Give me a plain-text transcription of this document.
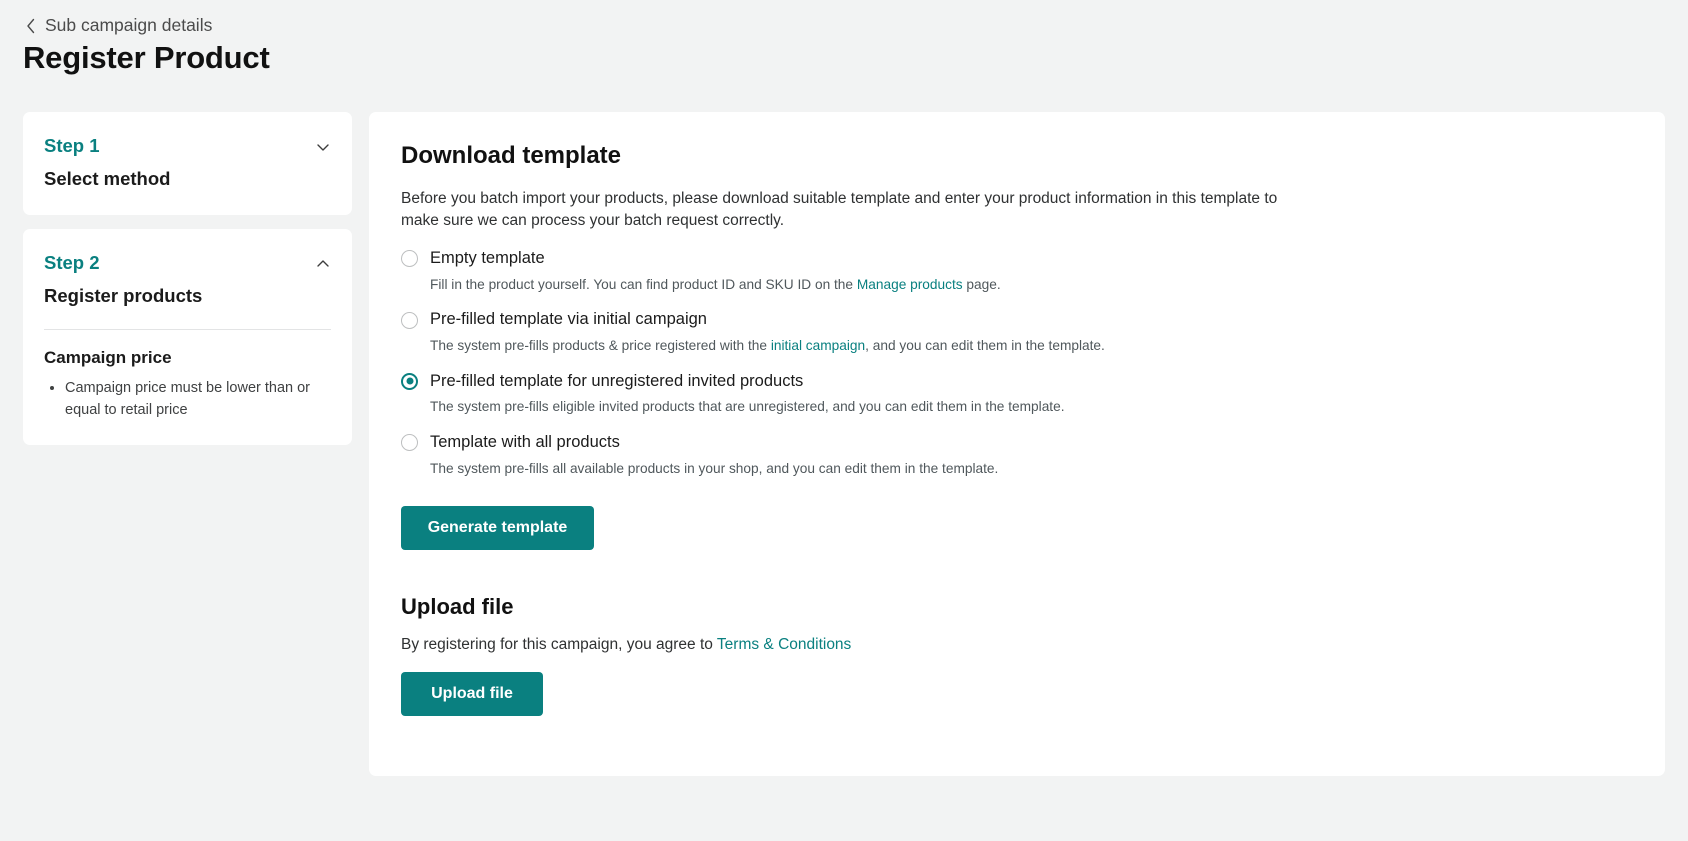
Sub campaign details
Register Product
Step 1
Select method
Step 2
Register products
Campaign price
• Campaign price must be lower than or equal to retail price
Download template
Before you batch import your products, please download suitable template and enter your product information in this template to make sure we can process your batch request correctly.
Empty template
Fill in the product yourself. You can find product ID and SKU ID on the Manage products page.
Pre-filled template via initial campaign
The system pre-fills products & price registered with the initial campaign, and you can edit them in the template.
Pre-filled template for unregistered invited products
The system pre-fills eligible invited products that are unregistered, and you can edit them in the template.
Template with all products
The system pre-fills all available products in your shop, and you can edit them in the template.
Generate template
Upload file
By registering for this campaign, you agree to Terms & Conditions
Upload file
